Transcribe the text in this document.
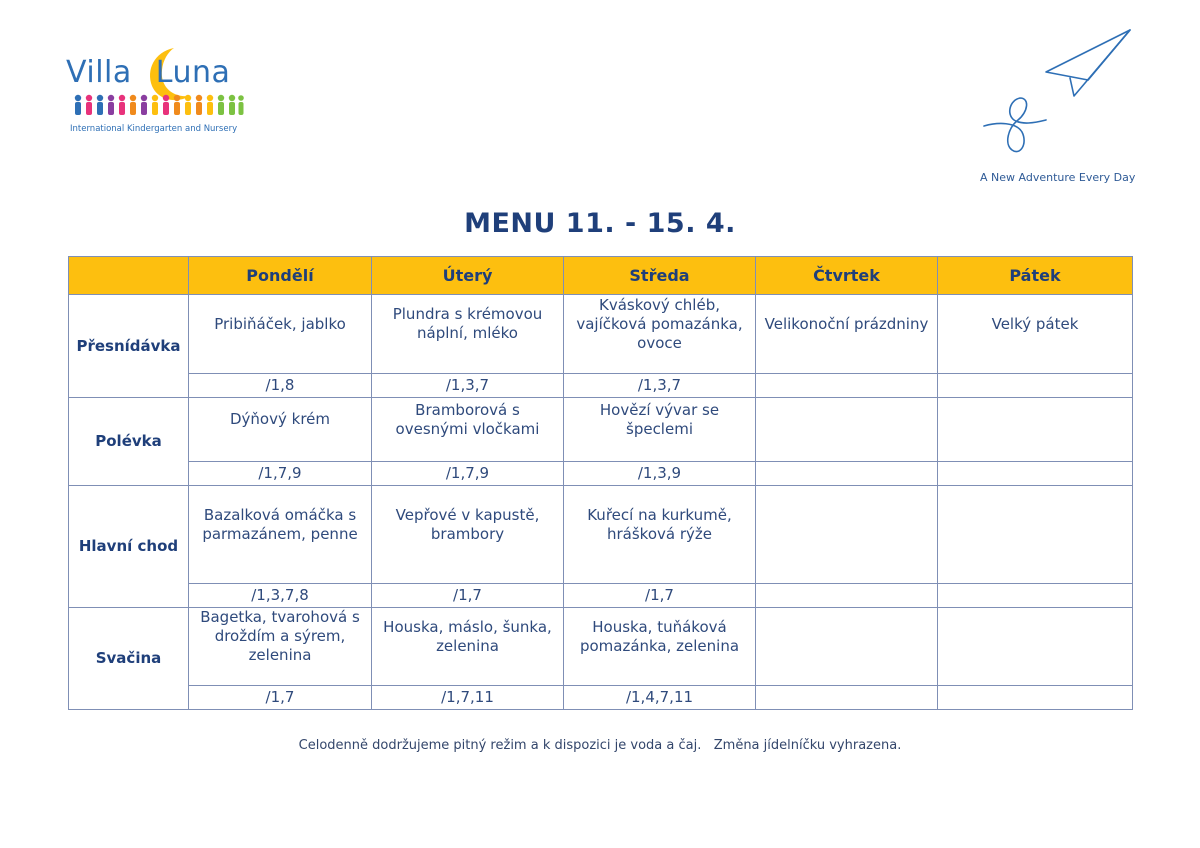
Villa Luna
International Kindergarten and Nursery
A New Adventure Every Day
MENU 11. - 15. 4.
	Pondělí	Úterý	Středa	Čtvrtek	Pátek
Přesnídávka	Pribiňáček, jablko	Plundra s krémovou náplní, mléko	Kváskový chléb, vajíčková pomazánka, ovoce	Velikonoční prázdniny	Velký pátek

	/1,8	/1,3,7	/1,3,7		
Polévka	Dýňový krém	Bramborová s ovesnými vločkami	Hovězí vývar se špeclemi		

	/1,7,9	/1,7,9	/1,3,9		
Hlavní chod	Bazalková omáčka s parmazánem, penne	Vepřové v kapustě, brambory	Kuřecí na kurkumě, hrášková rýže		

	/1,3,7,8	/1,7	/1,7		
Svačina	Bagetka, tvarohová s droždím a sýrem, zelenina	Houska, máslo, šunka, zelenina	Houska, tuňáková pomazánka, zelenina		

	/1,7	/1,7,11	/1,4,7,11		
Celodenně dodržujeme pitný režim a k dispozici je voda a čaj.   Změna jídelníčku vyhrazena.
